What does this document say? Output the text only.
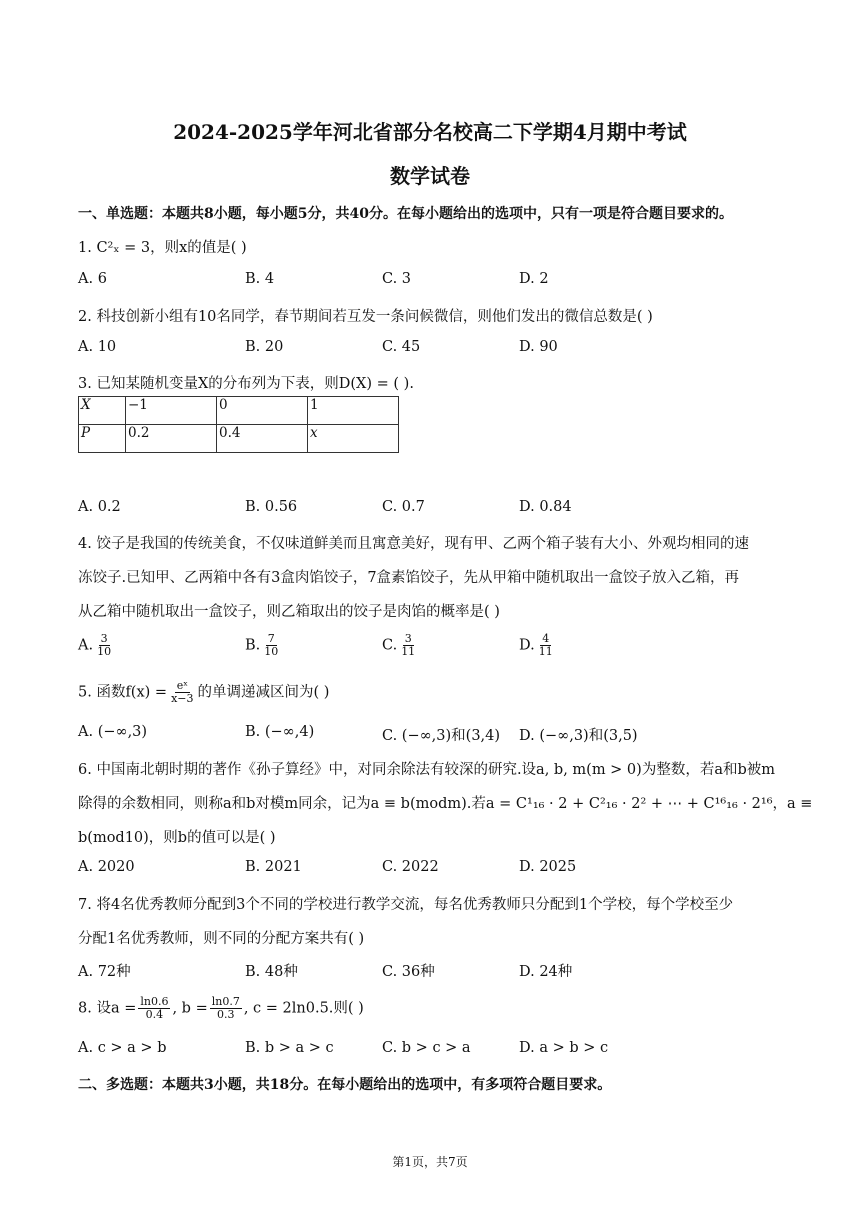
2024-2025学年河北省部分名校高二下学期4月期中考试
数学试卷
一、单选题：本题共8小题，每小题5分，共40分。在每小题给出的选项中，只有一项是符合题目要求的。
1. C²ₓ = 3，则x的值是( )
A. 6	B. 4	C. 3	D. 2
2. 科技创新小组有10名同学，春节期间若互发一条问候微信，则他们发出的微信总数是( )
A. 10	B. 20	C. 45	D. 90
3. 已知某随机变量X的分布列为下表，则D(X) = ( ).
X	−1	0	1
P	0.2	0.4	x
A. 0.2	B. 0.56	C. 0.7	D. 0.84
4. 饺子是我国的传统美食，不仅味道鲜美而且寓意美好，现有甲、乙两个箱子装有大小、外观均相同的速
冻饺子.已知甲、乙两箱中各有3盒肉馅饺子，7盒素馅饺子，先从甲箱中随机取出一盒饺子放入乙箱，再
从乙箱中随机取出一盒饺子，则乙箱取出的饺子是肉馅的概率是( )
A. $\frac{3}{10}$	B. $\frac{7}{10}$	C. $\frac{3}{11}$	D. $\frac{4}{11}$
5. 函数$f(x) = \frac{\text{eˣ}}{x-3}$ 的单调递减区间为( )
A. (−∞,3)	B. (−∞,4)	C. (−∞,3)和(3,4) D. (−∞,3)和(3,5)
6. 中国南北朝时期的著作《孙子算经》中，对同余除法有较深的研究.设a, b, m(m > 0)为整数，若a和b被m
除得的余数相同，则称a和b对模m同余，记为a ≡ b(modm).若a = C¹₁₆ · 2 + C²₁₆ · 2² + ⋯ + C¹⁶₁₆ · 2¹⁶，a ≡
b(mod10)，则b的值可以是( )
A. 2020	B. 2021	C. 2022	D. 2025
7. 将4名优秀教师分配到3个不同的学校进行教学交流，每名优秀教师只分配到1个学校，每个学校至少
分配1名优秀教师，则不同的分配方案共有( )
A. 72种	B. 48种	C. 36种	D. 24种
8. 设$a = \frac{\ln 0.6}{0.4}$ , $b = \frac{\ln 0.7}{0.3}$ , c = 2ln0.5.则( )
A. c > a > b	B. b > a > c	C. b > c > a	D. a > b > c
二、多选题：本题共3小题，共18分。在每小题给出的选项中，有多项符合题目要求。
第1页，共7页
